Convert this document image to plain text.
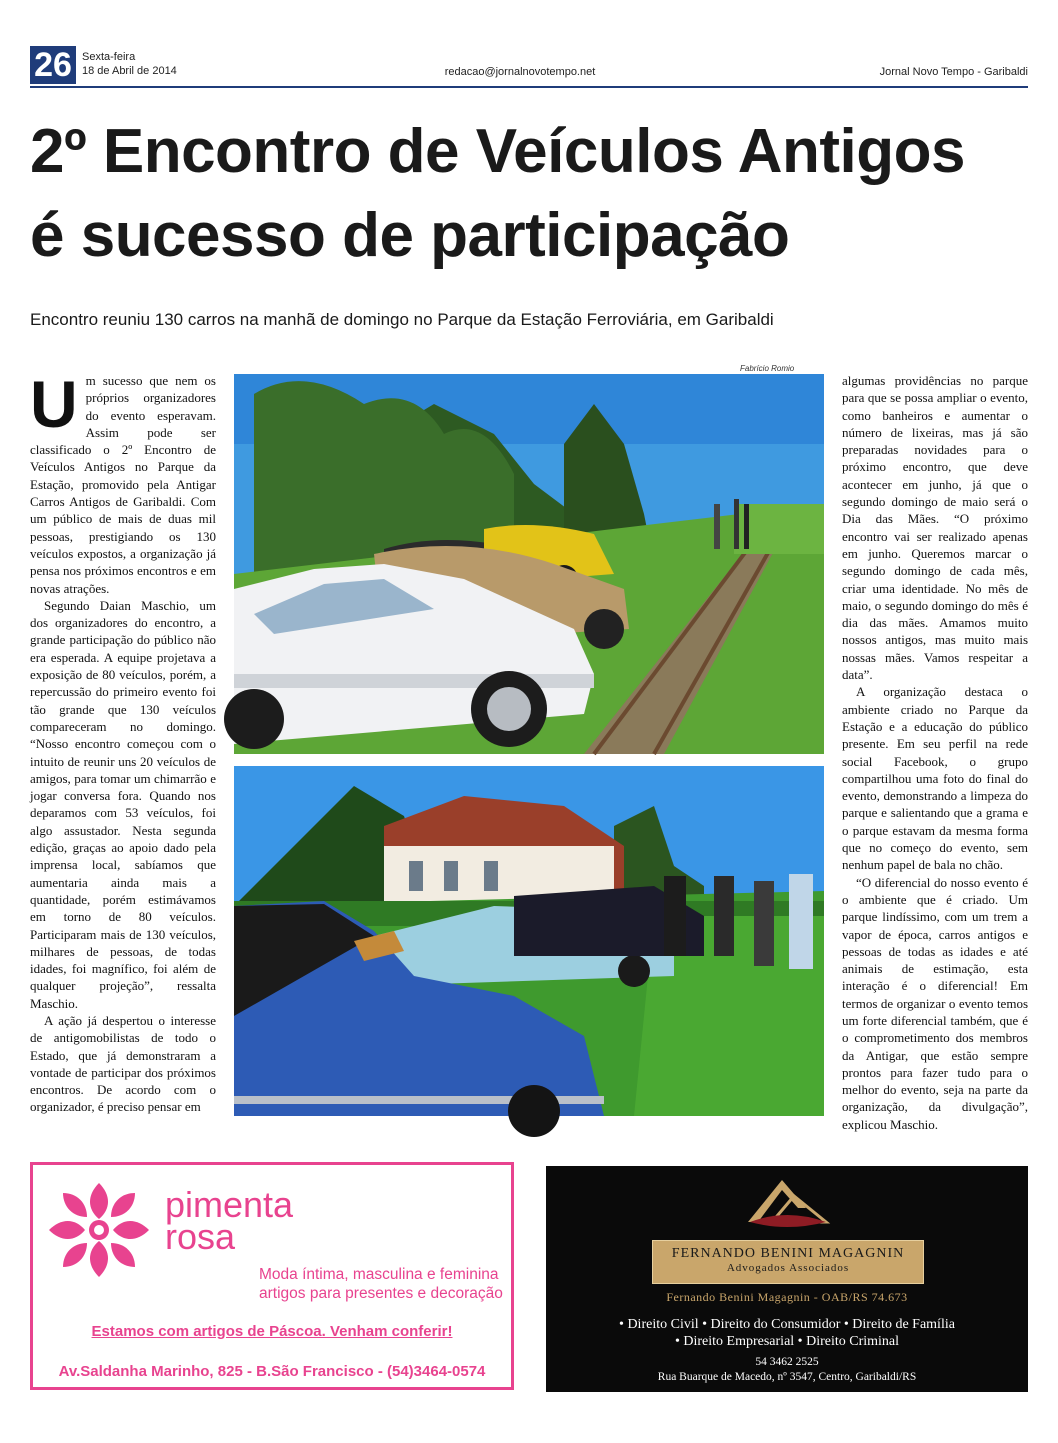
26 Sexta-feira
18 de Abril de 2014	redacao@jornalnovotempo.net	Jornal Novo Tempo - Garibaldi
2º Encontro de Veículos Antigos
é sucesso de participação
Encontro reuniu 130 carros na manhã de domingo no Parque da Estação Ferroviária, em Garibaldi
U m sucesso que nem os próprios organizadores do evento esperavam. Assim pode ser classificado o 2º Encontro de Veículos Antigos no Parque da Estação, promovido pela Antigar Carros Antigos de Garibaldi. Com um público de mais de duas mil pessoas, prestigiando os 130 veículos expostos, a organização já pensa nos próximos encontros e em novas atrações.

Segundo Daian Maschio, um dos organizadores do encontro, a grande participação do público não era esperada. A equipe projetava a exposição de 80 veículos, porém, a repercussão do primeiro evento foi tão grande que 130 veículos compareceram no domingo. “Nosso encontro começou com o intuito de reunir uns 20 veículos de amigos, para tomar um chimarrão e jogar conversa fora. Quando nos deparamos com 53 veículos, foi algo assustador. Nesta segunda edição, graças ao apoio dado pela imprensa local, sabíamos que aumentaria ainda mais a quantidade, porém estimávamos em torno de 80 veículos. Participaram mais de 130 veículos, milhares de pessoas, de todas idades, foi magnífico, foi além de qualquer projeção”, ressalta Maschio.

A ação já despertou o interesse de antigomobilistas de todo o Estado, que já demonstraram a vontade de participar dos próximos encontros. De acordo com o organizador, é preciso pensar em

Fabrício Romio

algumas providências no parque para que se possa ampliar o evento, como banheiros e aumentar o número de lixeiras, mas já são preparadas novidades para o próximo encontro, que deve acontecer em junho, já que o segundo domingo de maio será o Dia das Mães. “O próximo encontro vai ser realizado apenas em junho. Queremos marcar o segundo domingo de cada mês, criar uma identidade. No mês de maio, o segundo domingo do mês é dia das mães. Amamos muito nossos antigos, mas muito mais nossas mães. Vamos respeitar a data”.

A organização destaca o ambiente criado no Parque da Estação e a educação do público presente. Em seu perfil na rede social Facebook, o grupo compartilhou uma foto do final do evento, demonstrando a limpeza do parque e salientando que a grama e o parque estavam da mesma forma que no começo do evento, sem nenhum papel de bala no chão.

“O diferencial do nosso evento é o ambiente que é criado. Um parque lindíssimo, com um trem a vapor de época, carros antigos e pessoas de todas as idades e até animais de estimação, esta interação é o diferencial! Em termos de organizar o evento temos um forte diferencial também, que é o comprometimento dos membros da Antigar, que estão sempre prontos para fazer tudo para o melhor do evento, seja na parte da organização, da divulgação”, explicou Maschio.

pimenta
rosa
Moda íntima, masculina e feminina
artigos para presentes e decoração
Estamos com artigos de Páscoa. Venham conferir!
Av.Saldanha Marinho, 825 - B.São Francisco - (54)3464-0574
FERNANDO BENINI MAGAGNIN
Advogados Associados
Fernando Benini Magagnin - OAB/RS 74.673
• Direito Civil • Direito do Consumidor • Direito de Família
• Direito Empresarial • Direito Criminal
54 3462 2525
Rua Buarque de Macedo, nº 3547, Centro, Garibaldi/RS
